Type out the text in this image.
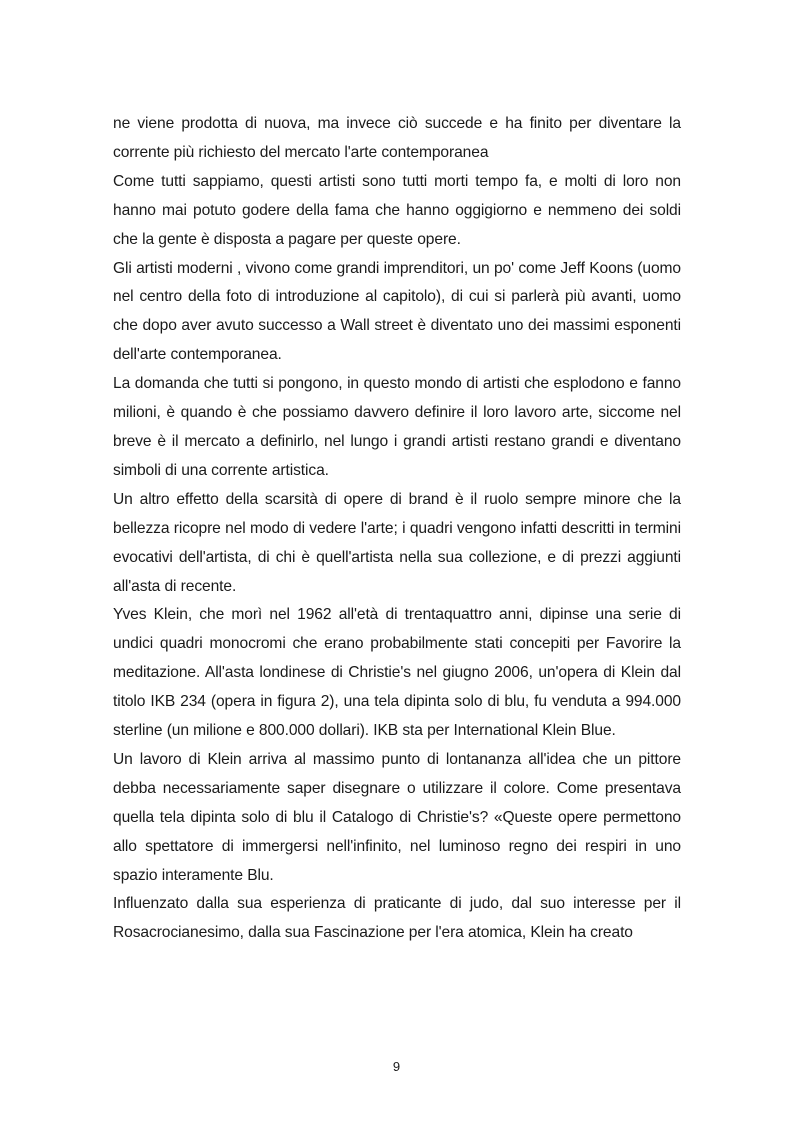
ne viene prodotta di nuova, ma invece ciò succede e ha finito per diventare la corrente più richiesto del mercato l'arte contemporanea

Come tutti sappiamo, questi artisti sono tutti morti tempo fa, e molti di loro non hanno mai potuto godere della fama che hanno oggigiorno e nemmeno dei soldi che la gente è disposta a pagare per queste opere.

Gli artisti moderni , vivono come grandi imprenditori, un po' come Jeff Koons (uomo nel centro della foto di introduzione al capitolo), di cui si parlerà più avanti, uomo che dopo aver avuto successo a Wall street è diventato uno dei massimi esponenti dell'arte contemporanea.

La domanda che tutti si pongono, in questo mondo di artisti che esplodono e fanno milioni, è quando è che possiamo davvero definire il loro lavoro arte, siccome nel breve è il mercato a definirlo, nel lungo i grandi artisti restano grandi e diventano simboli di una corrente artistica.

Un altro effetto della scarsità di opere di brand è il ruolo sempre minore che la bellezza ricopre nel modo di vedere l'arte; i quadri vengono infatti descritti in termini evocativi dell'artista, di chi è quell'artista nella sua collezione, e di prezzi aggiunti all'asta di recente.

Yves Klein, che morì nel 1962 all'età di trentaquattro anni, dipinse una serie di undici quadri monocromi che erano probabilmente stati concepiti per Favorire la meditazione. All'asta londinese di Christie's nel giugno 2006, un'opera di Klein dal titolo IKB 234 (opera in figura 2), una tela dipinta solo di blu, fu venduta a 994.000 sterline (un milione e 800.000 dollari). IKB sta per International Klein Blue.

Un lavoro di Klein arriva al massimo punto di lontananza all'idea che un pittore debba necessariamente saper disegnare o utilizzare il colore. Come presentava quella tela dipinta solo di blu il Catalogo di Christie's? «Queste opere permettono allo spettatore di immergersi nell'infinito, nel luminoso regno dei respiri in uno spazio interamente Blu.

Influenzato dalla sua esperienza di praticante di judo, dal suo interesse per il Rosacrocianesimo, dalla sua Fascinazione per l'era atomica, Klein ha creato

9
